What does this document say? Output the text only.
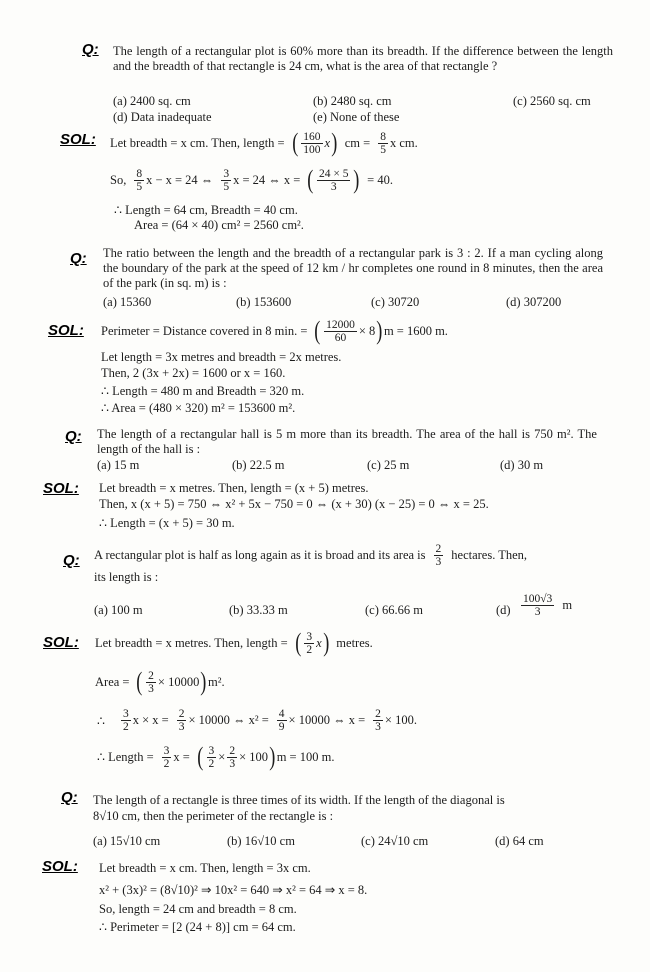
Q: The length of a rectangular plot is 60% more than its breadth. If the difference between the length and the breadth of that rectangle is 24 cm, what is the area of that rectangle ?
(a) 2400 sq. cm	(b) 2480 sq. cm	(c) 2560 sq. cm
(d) Data inadequate	(e) None of these
SOL: Let breadth = x cm. Then, length = ( $\frac{160}{100}$ x ) cm = $\frac{8}{5}$ x cm.
So, $\frac{8}{5}$ x − x = 24 ⇔ $\frac{3}{5}$ x = 24 ⇔ x = ( $\frac{24 \times 5}{3}$ ) = 40.
∴ Length = 64 cm, Breadth = 40 cm.
Area = (64 × 40) cm² = 2560 cm².
Q: The ratio between the length and the breadth of a rectangular park is 3 : 2. If a man cycling along the boundary of the park at the speed of 12 km / hr completes one round in 8 minutes, then the area of the park (in sq. m) is :
(a) 15360	(b) 153600	(c) 30720	(d) 307200
SOL: Perimeter = Distance covered in 8 min. = ( $\frac{12000}{60} \times 8$ ) m = 1600 m.
Let length = 3x metres and breadth = 2x metres.
Then, 2 (3x + 2x) = 1600 or x = 160.
∴ Length = 480 m and Breadth = 320 m.
∴ Area = (480 × 320) m² = 153600 m².
Q: The length of a rectangular hall is 5 m more than its breadth. The area of the hall is 750 m². The length of the hall is :
(a) 15 m	(b) 22.5 m	(c) 25 m	(d) 30 m
SOL: Let breadth = x metres. Then, length = (x + 5) metres.
Then, x (x + 5) = 750 ⇔ x² + 5x − 750 = 0 ⇔ (x + 30) (x − 25) = 0 ⇔ x = 25.
∴ Length = (x + 5) = 30 m.
Q: A rectangular plot is half as long again as it is broad and its area is $\frac{2}{3}$ hectares. Then,
its length is :
(a) 100 m	(b) 33.33 m	(c) 66.66 m	$(d) \frac{100√3}{3}$ m
SOL: Let breadth = x metres. Then, length = ( $\frac{3}{2}$ x ) metres.
Area = ( $\frac{2}{3} \times 10000$ ) m².
∴ $\frac{3}{2}$ $x \times x = \frac{2}{3} \times 10000$ ⇔ $x^2 = \frac{4}{9} \times 10000$ ⇔ $x = \frac{2}{3} \times 100$.
∴ Length = $\frac{3}{2}$ x = ( $\frac{3}{2} \times \frac{2}{3} \times 100$ ) m = 100 m.
Q: The length of a rectangle is three times of its width. If the length of the diagonal is
8√10 cm, then the perimeter of the rectangle is :
(a) 15√10 cm	(b) 16√10 cm	(c) 24√10 cm	(d) 64 cm
SOL: Let breadth = x cm. Then, length = 3x cm.
x² + (3x)² = (8√10)² ⇒ 10x² = 640 ⇒ x² = 64 ⇒ x = 8.
So, length = 24 cm and breadth = 8 cm.
∴ Perimeter = [2 (24 + 8)] cm = 64 cm.
